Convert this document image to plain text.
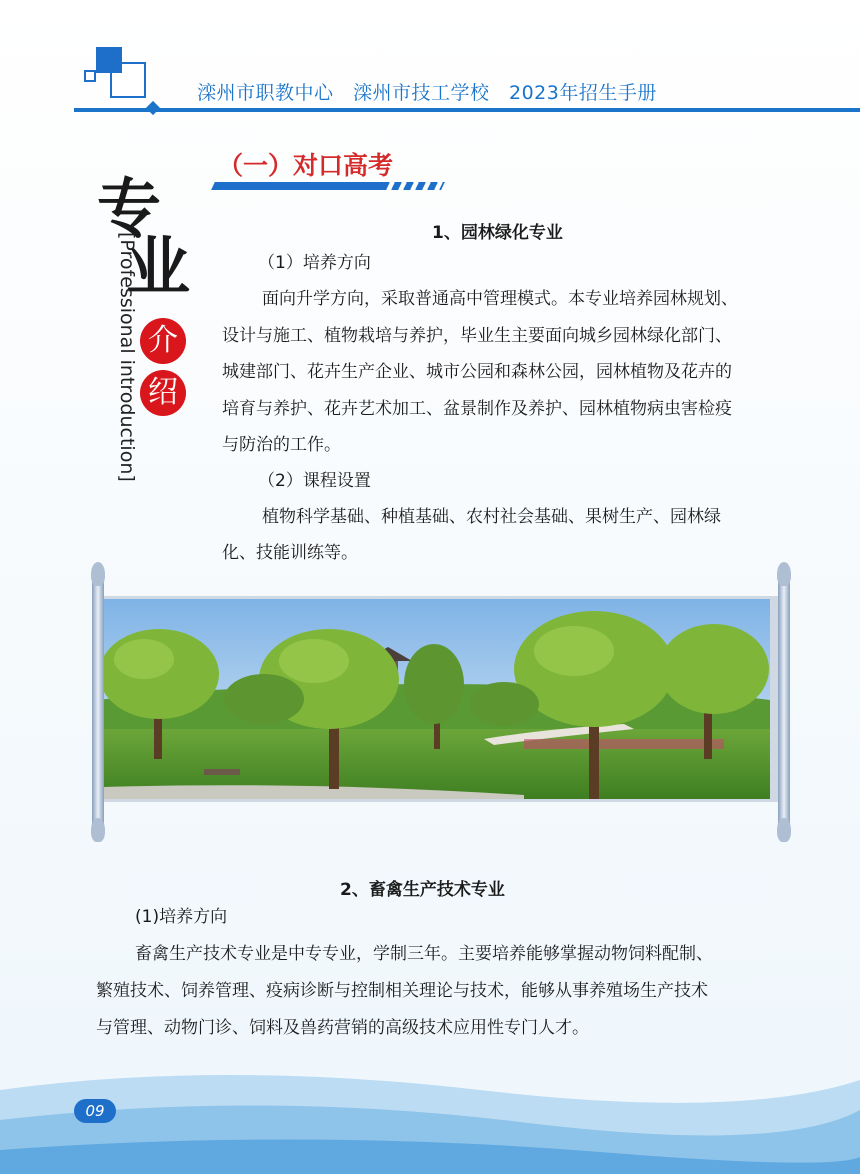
滦州市职教中心　滦州市技工学校　2023年招生手册
专
业
[Professional introduction] 介
绍
（一）对口高考
1、园林绿化专业
（1）培养方向
面向升学方向，采取普通高中管理模式。本专业培养园林规划、
设计与施工、植物栽培与养护，毕业生主要面向城乡园林绿化部门、
城建部门、花卉生产企业、城市公园和森林公园，园林植物及花卉的
培育与养护、花卉艺术加工、盆景制作及养护、园林植物病虫害检疫
与防治的工作。
（2）课程设置
植物科学基础、种植基础、农村社会基础、果树生产、园林绿
化、技能训练等。
2、畜禽生产技术专业
(1)培养方向
畜禽生产技术专业是中专专业，学制三年。主要培养能够掌握动物饲料配制、
繁殖技术、饲养管理、疫病诊断与控制相关理论与技术，能够从事养殖场生产技术
与管理、动物门诊、饲料及兽药营销的高级技术应用性专门人才。
09
